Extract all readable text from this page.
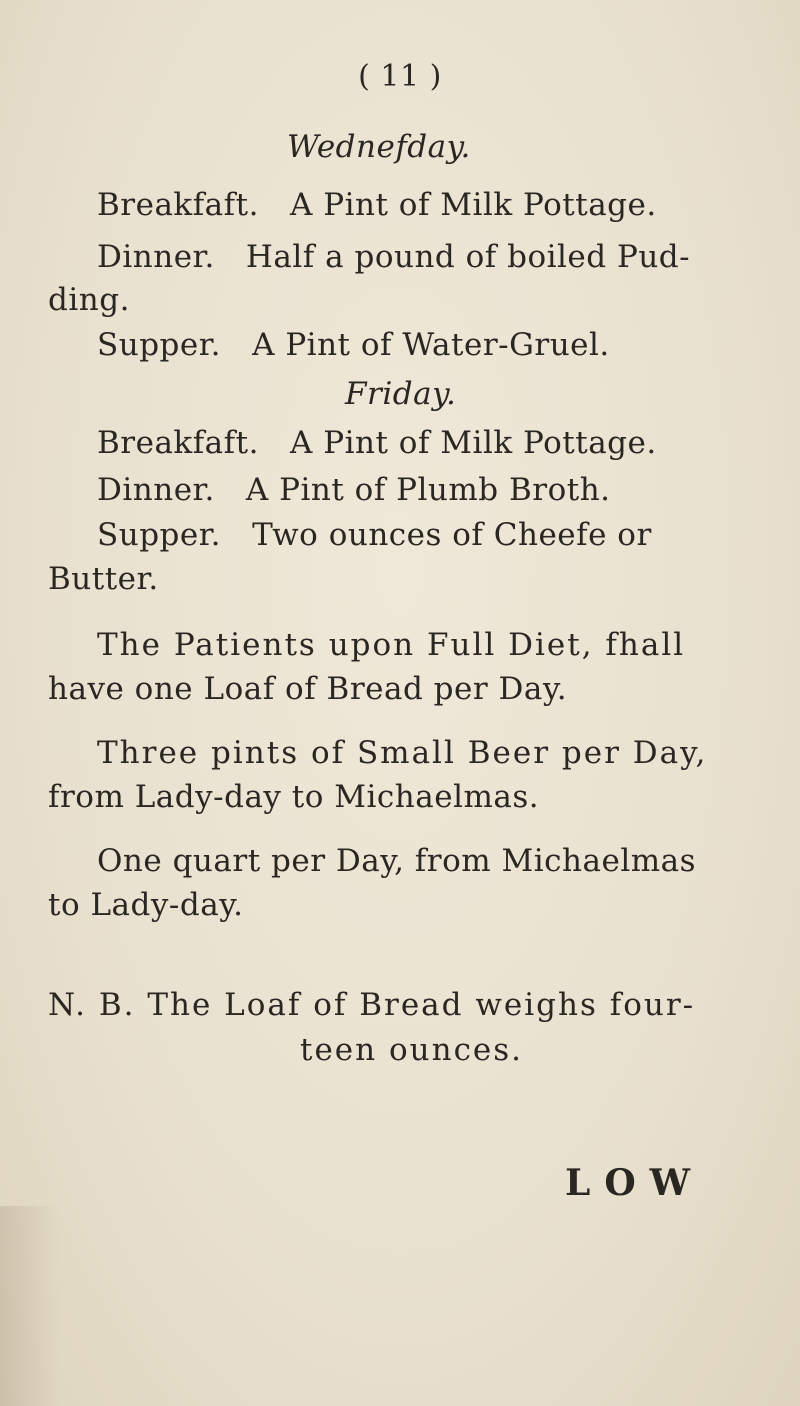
( 11 )
Wednefday.
Breakfaft. A Pint of Milk Pottage.
Dinner. Half a pound of boiled Pud-
ding.
Supper. A Pint of Water-Gruel.
Friday.
Breakfaft. A Pint of Milk Pottage.
Dinner. A Pint of Plumb Broth.
Supper. Two ounces of Cheefe or
Butter.
The Patients upon Full Diet, fhall
have one Loaf of Bread per Day.
Three pints of Small Beer per Day,
from Lady-day to Michaelmas.
One quart per Day, from Michaelmas
to Lady-day.
N. B. The Loaf of Bread weighs four-
teen ounces.
LOW
